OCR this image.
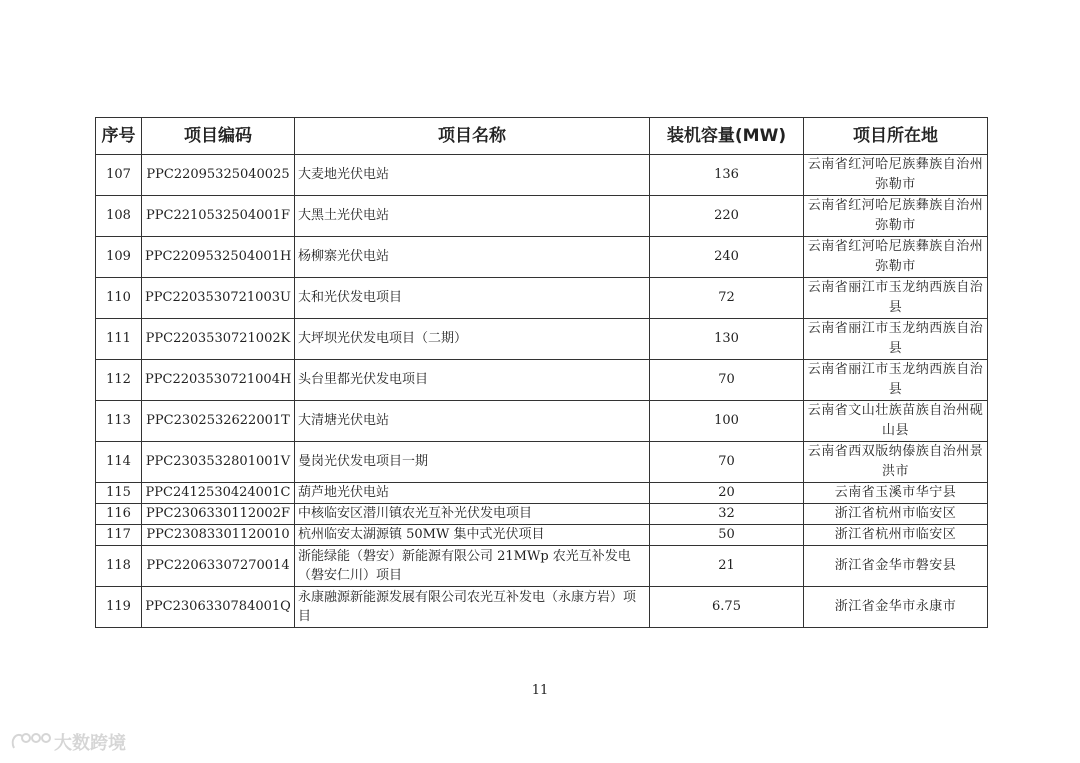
序号	项目编码	项目名称	装机容量(MW)	项目所在地
107	PPC22095325040025	大麦地光伏电站	136	云南省红河哈尼族彝族自治州弥勒市
108	PPC2210532504001F	大黑土光伏电站	220	云南省红河哈尼族彝族自治州弥勒市
109	PPC2209532504001H	杨柳寨光伏电站	240	云南省红河哈尼族彝族自治州弥勒市
110	PPC2203530721003U	太和光伏发电项目	72	云南省丽江市玉龙纳西族自治县
111	PPC2203530721002K	大坪坝光伏发电项目（二期）	130	云南省丽江市玉龙纳西族自治县
112	PPC2203530721004H	头台里都光伏发电项目	70	云南省丽江市玉龙纳西族自治县
113	PPC2302532622001T	大清塘光伏电站	100	云南省文山壮族苗族自治州砚山县
114	PPC2303532801001V	曼岗光伏发电项目一期	70	云南省西双版纳傣族自治州景洪市
115	PPC2412530424001C	葫芦地光伏电站	20	云南省玉溪市华宁县
116	PPC2306330112002F	中核临安区潜川镇农光互补光伏发电项目	32	浙江省杭州市临安区
117	PPC23083301120010	杭州临安太湖源镇 50MW 集中式光伏项目	50	浙江省杭州市临安区
118	PPC22063307270014	浙能绿能（磐安）新能源有限公司 21MWp 农光互补发电（磐安仁川）项目	21	浙江省金华市磐安县
119	PPC2306330784001Q	永康融源新能源发展有限公司农光互补发电（永康方岩）项目	6.75	浙江省金华市永康市
11
大数跨境
